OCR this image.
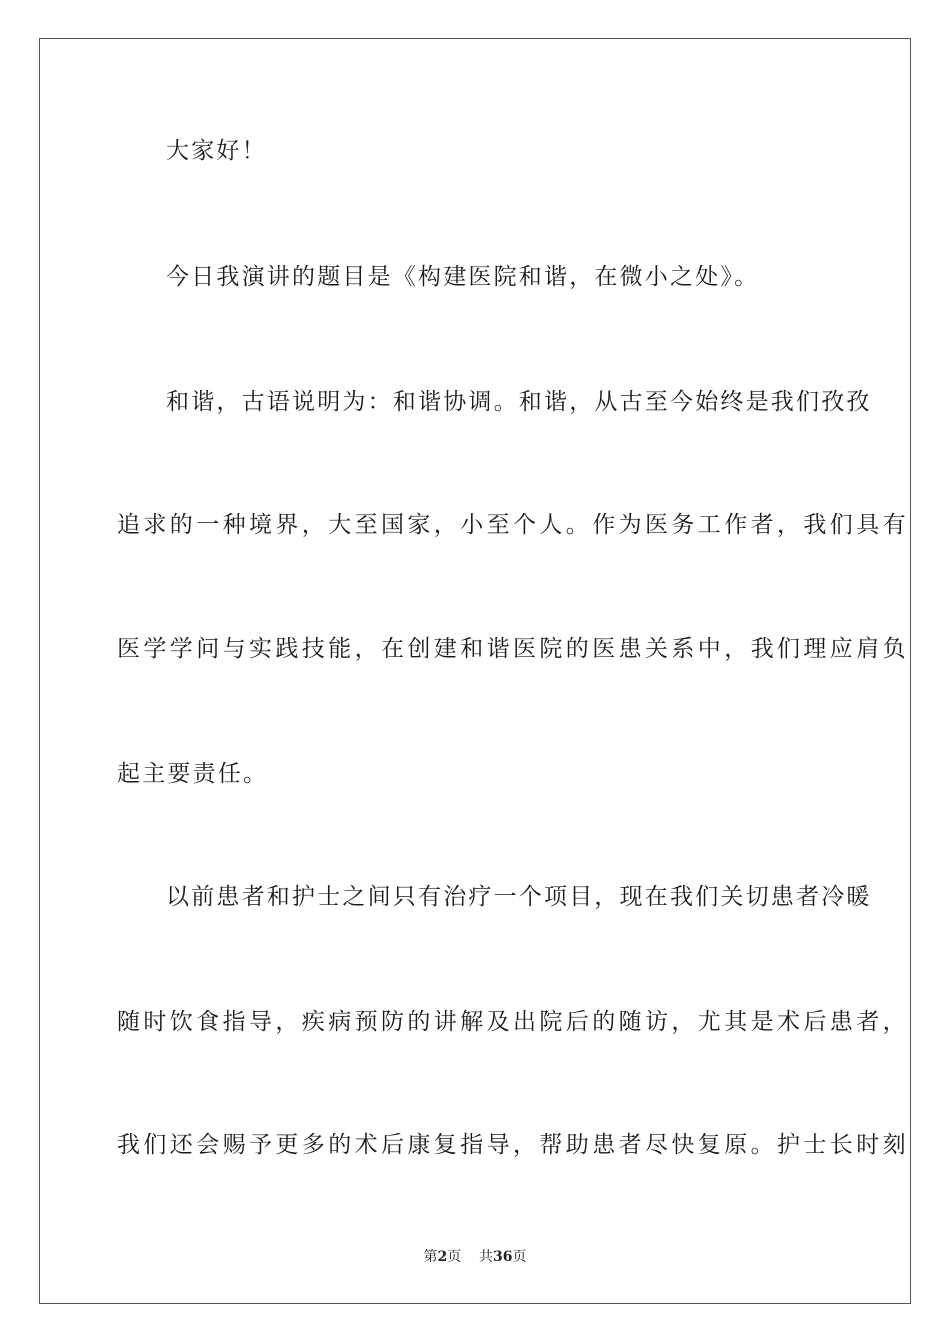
大家好！
今日我演讲的题目是《构建医院和谐，在微小之处》。
和谐，古语说明为：和谐协调。和谐，从古至今始终是我们孜孜
追求的一种境界，大至国家，小至个人。作为医务工作者，我们具有
医学学问与实践技能，在创建和谐医院的医患关系中，我们理应肩负
起主要责任。
以前患者和护士之间只有治疗一个项目，现在我们关切患者冷暖
随时饮食指导，疾病预防的讲解及出院后的随访，尤其是术后患者，
我们还会赐予更多的术后康复指导，帮助患者尽快复原。护士长时刻
第2页 共36页
